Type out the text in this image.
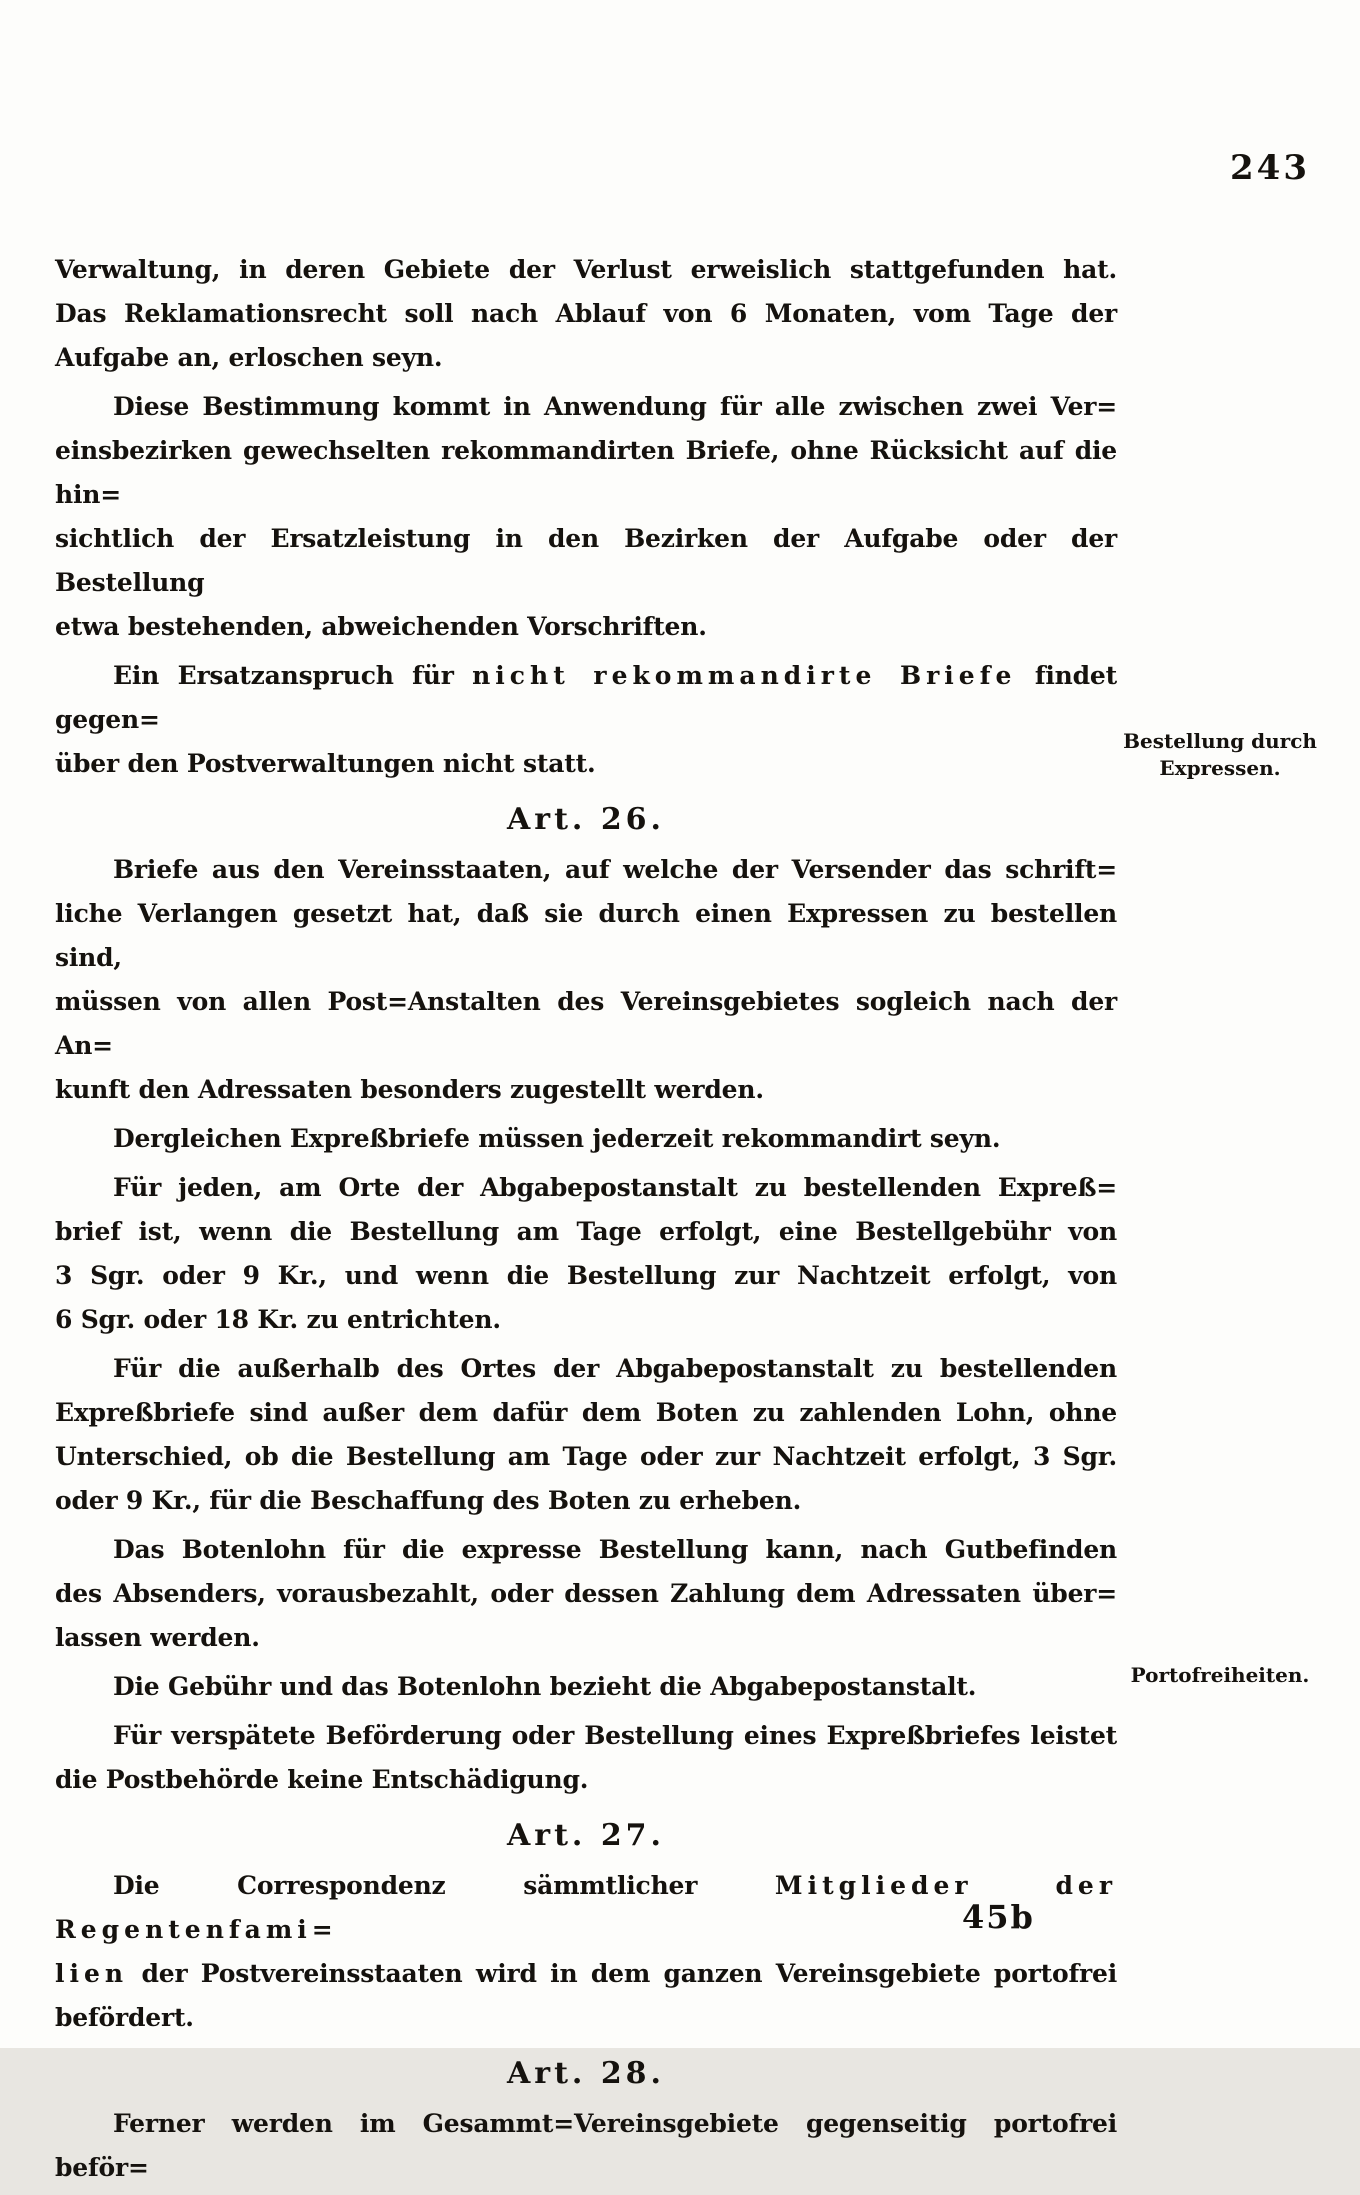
243

Verwaltung, in deren Gebiete der Verlust erweislich stattgefunden hat.
Das Reklamationsrecht soll nach Ablauf von 6 Monaten, vom Tage der
Aufgabe an, erloschen seyn.

Diese Bestimmung kommt in Anwendung für alle zwischen zwei Ver=
einsbezirken gewechselten rekommandirten Briefe, ohne Rücksicht auf die hin=
sichtlich der Ersatzleistung in den Bezirken der Aufgabe oder der Bestellung
etwa bestehenden, abweichenden Vorschriften.

Ein Ersatzanspruch für nicht rekommandirte Briefe findet gegen=
über den Postverwaltungen nicht statt.

Art. 26.

Briefe aus den Vereinsstaaten, auf welche der Versender das schrift=
liche Verlangen gesetzt hat, daß sie durch einen Expressen zu bestellen sind,
müssen von allen Post=Anstalten des Vereinsgebietes sogleich nach der An=
kunft den Adressaten besonders zugestellt werden.

Dergleichen Expreßbriefe müssen jederzeit rekommandirt seyn.

Für jeden, am Orte der Abgabepostanstalt zu bestellenden Expreß=
brief ist, wenn die Bestellung am Tage erfolgt, eine Bestellgebühr von
3 Sgr. oder 9 Kr., und wenn die Bestellung zur Nachtzeit erfolgt, von
6 Sgr. oder 18 Kr. zu entrichten.

Für die außerhalb des Ortes der Abgabepostanstalt zu bestellenden
Expreßbriefe sind außer dem dafür dem Boten zu zahlenden Lohn, ohne
Unterschied, ob die Bestellung am Tage oder zur Nachtzeit erfolgt, 3 Sgr.
oder 9 Kr., für die Beschaffung des Boten zu erheben.

Das Botenlohn für die expresse Bestellung kann, nach Gutbefinden
des Absenders, vorausbezahlt, oder dessen Zahlung dem Adressaten über=
lassen werden.

Die Gebühr und das Botenlohn bezieht die Abgabepostanstalt.

Für verspätete Beförderung oder Bestellung eines Expreßbriefes leistet
die Postbehörde keine Entschädigung.

Art. 27.

Die Correspondenz sämmtlicher Mitglieder der Regentenfami=
lien der Postvereinsstaaten wird in dem ganzen Vereinsgebiete portofrei
befördert.

Art. 28.

Ferner werden im Gesammt=Vereinsgebiete gegenseitig portofrei beför=

Bestellung durch
Expressen.
Portofreiheiten.
45b
